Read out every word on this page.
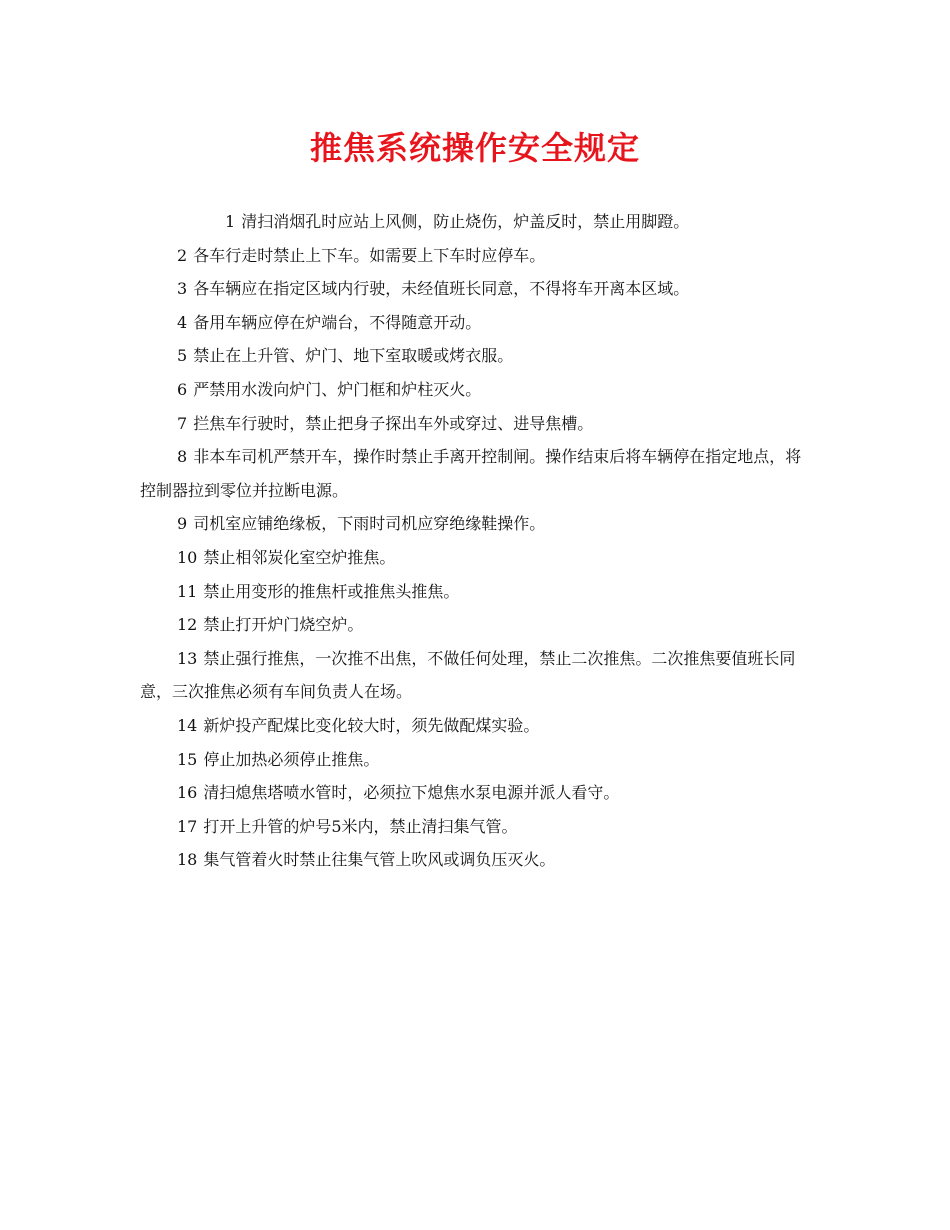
推焦系统操作安全规定

1 清扫消烟孔时应站上风侧，防止烧伤，炉盖反时，禁止用脚蹬。

2 各车行走时禁止上下车。如需要上下车时应停车。

3 各车辆应在指定区域内行驶，未经值班长同意，不得将车开离本区域。

4 备用车辆应停在炉端台，不得随意开动。

5 禁止在上升管、炉门、地下室取暖或烤衣服。

6 严禁用水泼向炉门、炉门框和炉柱灭火。

7 拦焦车行驶时，禁止把身子探出车外或穿过、进导焦槽。

8 非本车司机严禁开车，操作时禁止手离开控制闸。操作结束后将车辆停在指定地点，将控制器拉到零位并拉断电源。

9 司机室应铺绝缘板，下雨时司机应穿绝缘鞋操作。

10 禁止相邻炭化室空炉推焦。

11 禁止用变形的推焦杆或推焦头推焦。

12 禁止打开炉门烧空炉。

13 禁止强行推焦，一次推不出焦，不做任何处理，禁止二次推焦。二次推焦要值班长同意，三次推焦必须有车间负责人在场。

14 新炉投产配煤比变化较大时，须先做配煤实验。

15 停止加热必须停止推焦。

16 清扫熄焦塔喷水管时，必须拉下熄焦水泵电源并派人看守。

17 打开上升管的炉号5米内，禁止清扫集气管。

18 集气管着火时禁止往集气管上吹风或调负压灭火。
